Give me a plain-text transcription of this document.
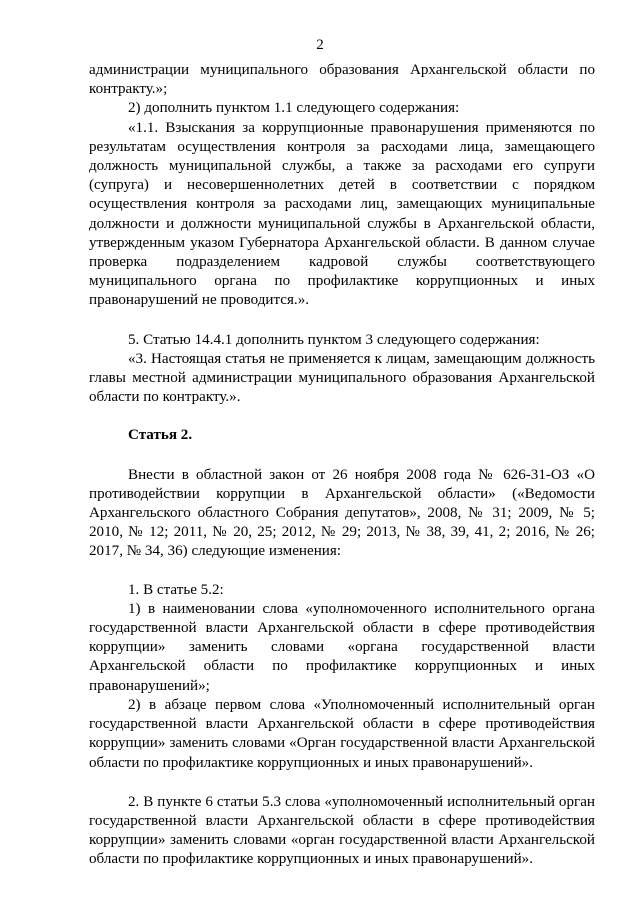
2

администрации муниципального образования Архангельской области по контракту.»;

2) дополнить пунктом 1.1 следующего содержания:

«1.1. Взыскания за коррупционные правонарушения применяются по результатам осуществления контроля за расходами лица, замещающего должность муниципальной службы, а также за расходами его супруги (супруга) и несовершеннолетних детей в соответствии с порядком осуществления контроля за расходами лиц, замещающих муниципальные должности и должности муниципальной службы в Архангельской области, утвержденным указом Губернатора Архангельской области. В данном случае проверка подразделением кадровой службы соответствующего муниципального органа по профилактике коррупционных и иных правонарушений не проводится.».

5. Статью 14.4.1 дополнить пунктом 3 следующего содержания:

«3. Настоящая статья не применяется к лицам, замещающим должность главы местной администрации муниципального образования Архангельской области по контракту.».

Статья 2.

Внести в областной закон от 26 ноября 2008 года № 626-31-ОЗ «О противодействии коррупции в Архангельской области» («Ведомости Архангельского областного Собрания депутатов», 2008, № 31; 2009, № 5; 2010, № 12; 2011, № 20, 25; 2012, № 29; 2013, № 38, 39, 41, 2; 2016, № 26; 2017, № 34, 36) следующие изменения:

1. В статье 5.2:

1) в наименовании слова «уполномоченного исполнительного органа государственной власти Архангельской области в сфере противодействия коррупции» заменить словами «органа государственной власти Архангельской области по профилактике коррупционных и иных правонарушений»;

2) в абзаце первом слова «Уполномоченный исполнительный орган государственной власти Архангельской области в сфере противодействия коррупции» заменить словами «Орган государственной власти Архангельской области по профилактике коррупционных и иных правонарушений».

2. В пункте 6 статьи 5.3 слова «уполномоченный исполнительный орган государственной власти Архангельской области в сфере противодействия коррупции» заменить словами «орган государственной власти Архангельской области по профилактике коррупционных и иных правонарушений».
